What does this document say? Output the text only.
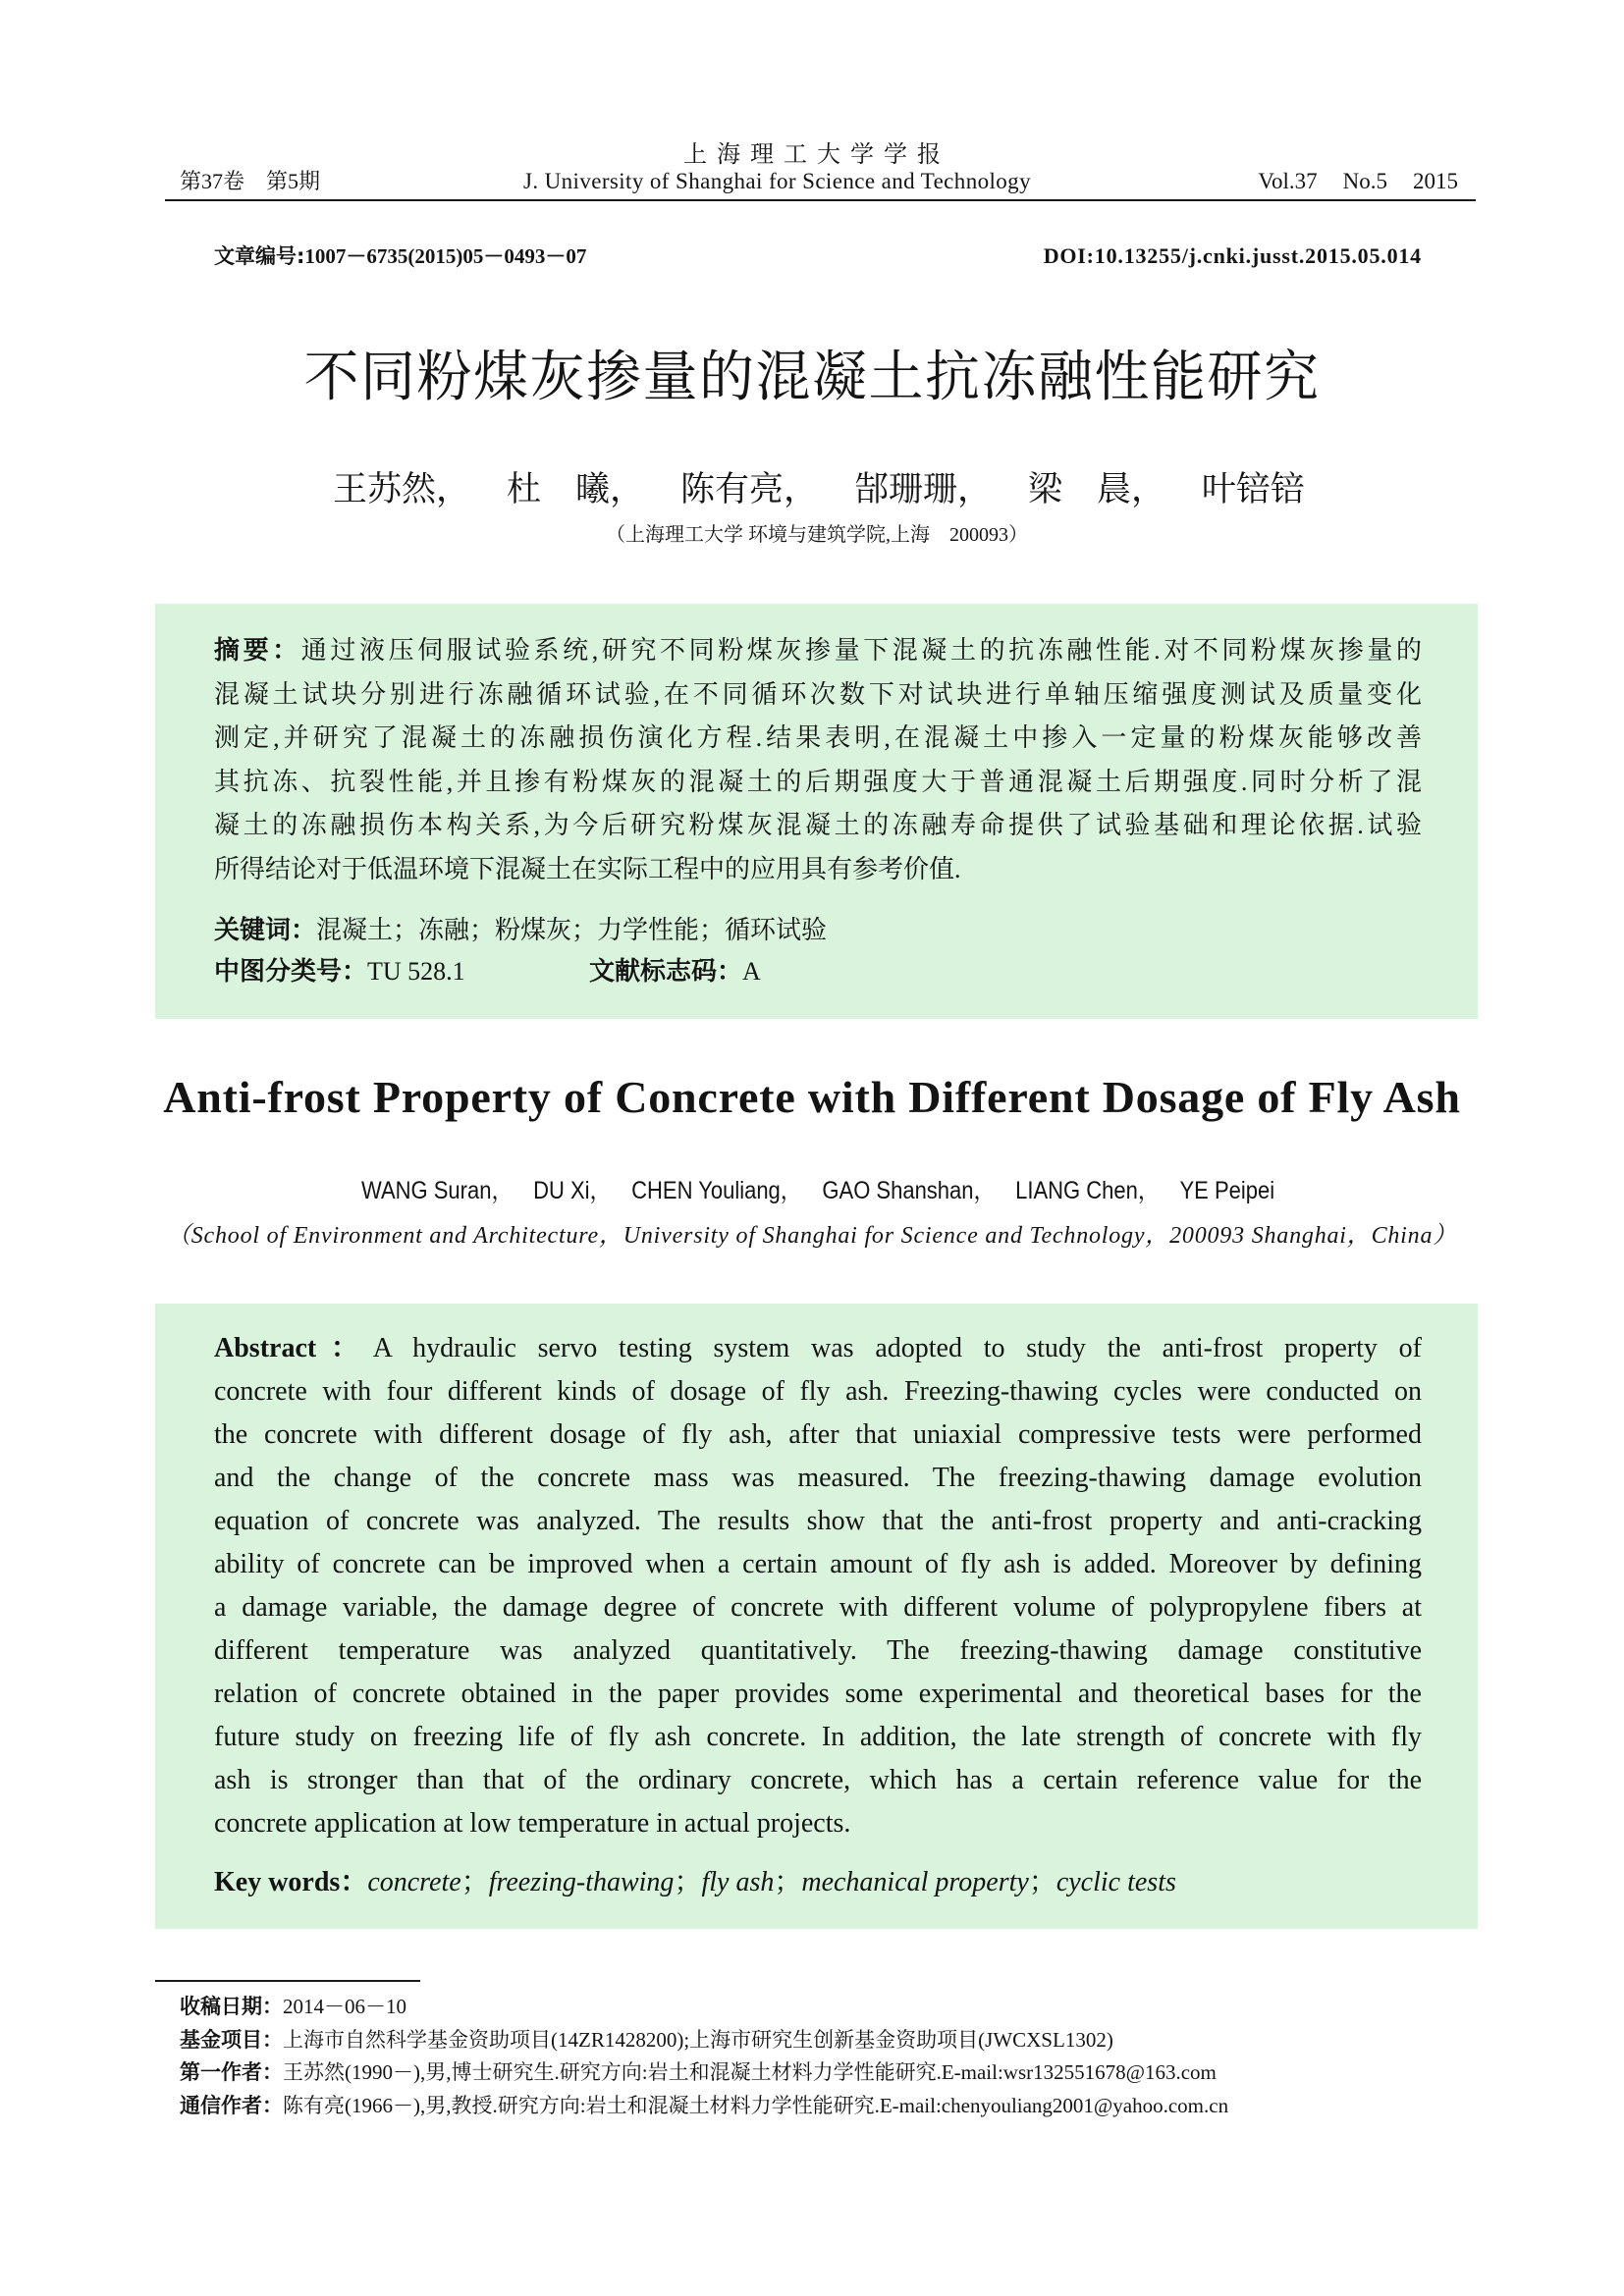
上海理工大学学报
第37卷　第5期	J. University of Shanghai for Science and Technology	Vol.37 No.5 2015
文章编号:1007－6735(2015)05－0493－07	DOI:10.13255/j.cnki.jusst.2015.05.014
不同粉煤灰掺量的混凝土抗冻融性能研究
王苏然， 杜　曦， 陈有亮， 郜珊珊， 梁　晨， 叶锫锫
（上海理工大学 环境与建筑学院,上海　200093）
摘要：通过液压伺服试验系统,研究不同粉煤灰掺量下混凝土的抗冻融性能.对不同粉煤灰掺量的
混凝土试块分别进行冻融循环试验,在不同循环次数下对试块进行单轴压缩强度测试及质量变化
测定,并研究了混凝土的冻融损伤演化方程.结果表明,在混凝土中掺入一定量的粉煤灰能够改善
其抗冻、抗裂性能,并且掺有粉煤灰的混凝土的后期强度大于普通混凝土后期强度.同时分析了混
凝土的冻融损伤本构关系,为今后研究粉煤灰混凝土的冻融寿命提供了试验基础和理论依据.试验
所得结论对于低温环境下混凝土在实际工程中的应用具有参考价值.
关键词：混凝土；冻融；粉煤灰；力学性能；循环试验
中图分类号：TU 528.1	文献标志码：A
Anti-frost Property of Concrete with Different Dosage of Fly Ash
WANG Suran， DU Xi， CHEN Youliang， GAO Shanshan， LIANG Chen， YE Peipei
（School of Environment and Architecture，University of Shanghai for Science and Technology，200093 Shanghai，China）
Abstract：A hydraulic servo testing system was adopted to study the anti-frost property of
concrete with four different kinds of dosage of fly ash. Freezing-thawing cycles were conducted on
the concrete with different dosage of fly ash, after that uniaxial compressive tests were performed
and the change of the concrete mass was measured. The freezing-thawing damage evolution
equation of concrete was analyzed. The results show that the anti-frost property and anti-cracking
ability of concrete can be improved when a certain amount of fly ash is added. Moreover by defining
a damage variable, the damage degree of concrete with different volume of polypropylene fibers at
different temperature was analyzed quantitatively. The freezing-thawing damage constitutive
relation of concrete obtained in the paper provides some experimental and theoretical bases for the
future study on freezing life of fly ash concrete. In addition, the late strength of concrete with fly
ash is stronger than that of the ordinary concrete, which has a certain reference value for the
concrete application at low temperature in actual projects.
Key words：concrete；freezing-thawing；fly ash；mechanical property；cyclic tests
收稿日期：2014－06－10
基金项目：上海市自然科学基金资助项目(14ZR1428200);上海市研究生创新基金资助项目(JWCXSL1302)
第一作者：王苏然(1990－),男,博士研究生.研究方向:岩土和混凝土材料力学性能研究.E-mail:wsr132551678@163.com
通信作者：陈有亮(1966－),男,教授.研究方向:岩土和混凝土材料力学性能研究.E-mail:chenyouliang2001@yahoo.com.cn
